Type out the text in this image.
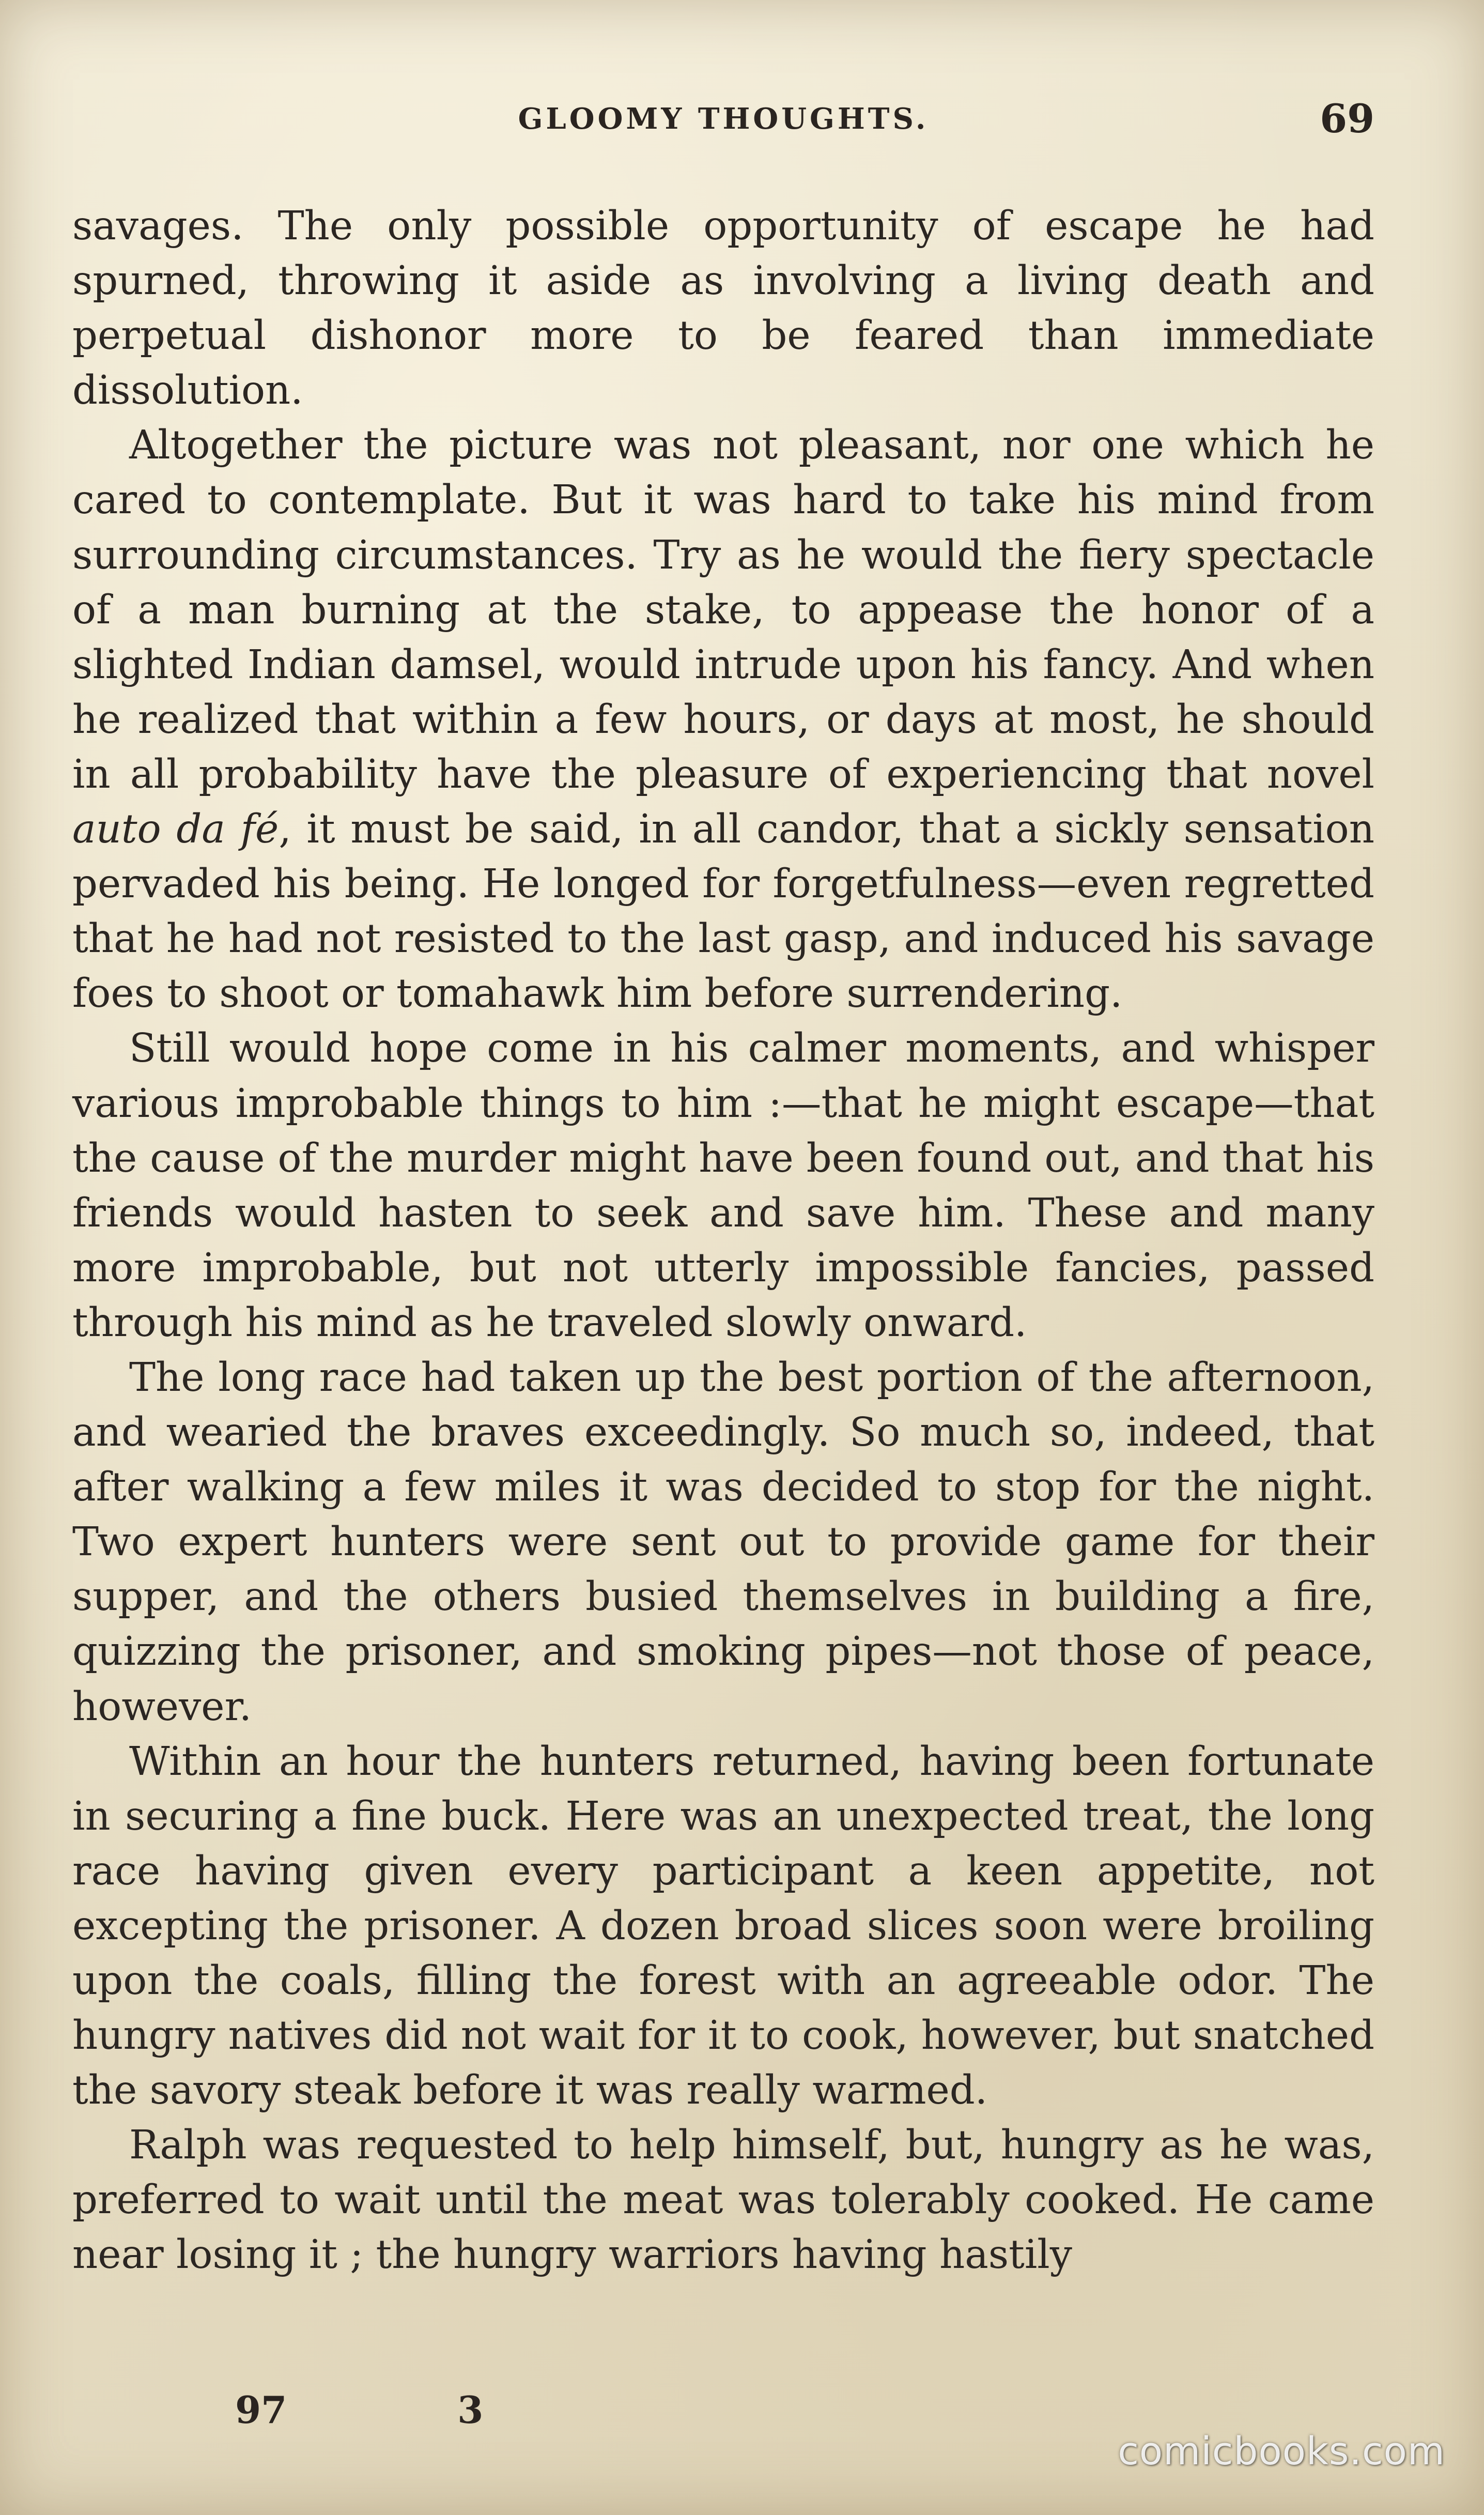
GLOOMY THOUGHTS.	69

savages. The only possible opportunity of escape he had spurned, throwing it aside as involving a living death and perpetual dishonor more to be feared than immediate dissolution.

Altogether the picture was not pleasant, nor one which he cared to contemplate. But it was hard to take his mind from surrounding circumstances. Try as he would the fiery spectacle of a man burning at the stake, to appease the honor of a slighted Indian damsel, would intrude upon his fancy. And when he realized that within a few hours, or days at most, he should in all probability have the pleasure of experiencing that novel auto da fé, it must be said, in all candor, that a sickly sensation pervaded his being. He longed for forgetfulness—even regretted that he had not resisted to the last gasp, and induced his savage foes to shoot or tomahawk him before surrendering.

Still would hope come in his calmer moments, and whisper various improbable things to him :—that he might escape—that the cause of the murder might have been found out, and that his friends would hasten to seek and save him. These and many more improbable, but not utterly impossible fancies, passed through his mind as he traveled slowly onward.

The long race had taken up the best portion of the afternoon, and wearied the braves exceedingly. So much so, indeed, that after walking a few miles it was decided to stop for the night. Two expert hunters were sent out to provide game for their supper, and the others busied themselves in building a fire, quizzing the prisoner, and smoking pipes—not those of peace, however.

Within an hour the hunters returned, having been fortunate in securing a fine buck. Here was an unexpected treat, the long race having given every participant a keen appetite, not excepting the prisoner. A dozen broad slices soon were broiling upon the coals, filling the forest with an agreeable odor. The hungry natives did not wait for it to cook, however, but snatched the savory steak before it was really warmed.

Ralph was requested to help himself, but, hungry as he was, preferred to wait until the meat was tolerably cooked. He came near losing it ; the hungry warriors having hastily

97	3
comicbooks.com
